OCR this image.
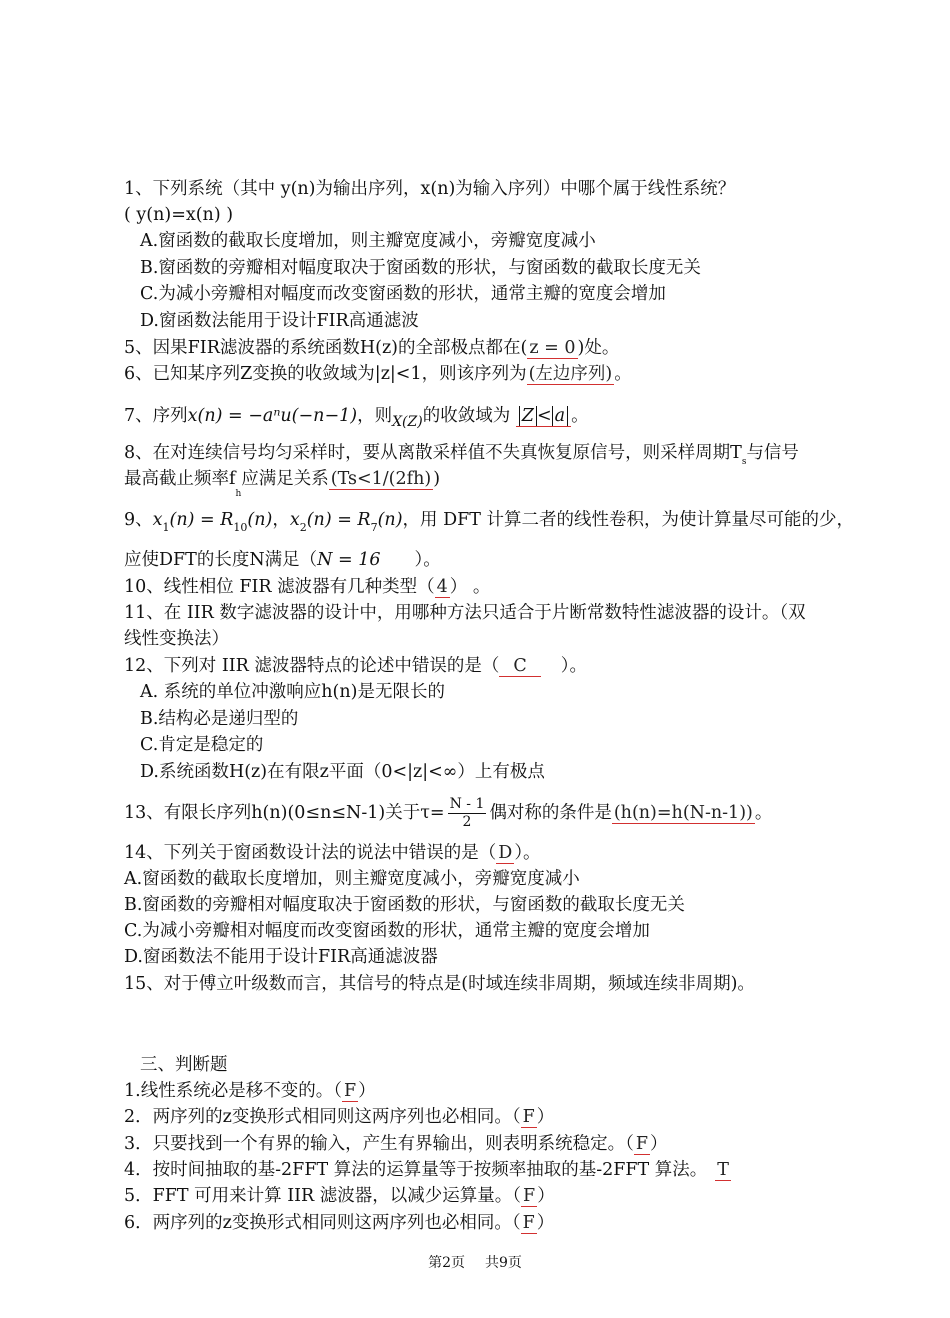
1、下列系统（其中 y(n)为输出序列，x(n)为输入序列）中哪个属于线性系统？
( y(n)=x(n) )
A.窗函数的截取长度增加，则主瓣宽度减小，旁瓣宽度减小
B.窗函数的旁瓣相对幅度取决于窗函数的形状，与窗函数的截取长度无关
C.为减小旁瓣相对幅度而改变窗函数的形状，通常主瓣的宽度会增加
D.窗函数法能用于设计FIR高通滤波
5、因果FIR滤波器的系统函数H(z)的全部极点都在( z = 0 )处。
6、已知某序列Z变换的收敛域为|z|<1，则该序列为 (左边序列) 。
7、序列x(n) = −aⁿu(−n−1)，则$_{X(Z)}$的收敛域为 Z < a 。
8、在对连续信号均匀采样时，要从离散采样值不失真恢复原信号，则采样周期$T_s$与信号
最高截止频率$f_h$应满足关系 (Ts<1/(2fh) )
9、$x_1(n) = R_{10}(n)$，$x_2(n) = R_7(n)$，用 DFT 计算二者的线性卷积，为使计算量尽可能的少，
应使DFT的长度N满足（N = 16 ）。
10、线性相位 FIR 滤波器有几种类型（ 4 ） 。
11、在 IIR 数字滤波器的设计中，用哪种方法只适合于片断常数特性滤波器的设计。（双
线性变换法）
12、下列对 IIR 滤波器特点的论述中错误的是（ C ）。
A. 系统的单位冲激响应h(n)是无限长的
B.结构必是递归型的
C.肯定是稳定的
D.系统函数H(z)在有限z平面（0<|z|<∞）上有极点
13、有限长序列h(n)(0≤n≤N-1)关于$\tau= \frac{N - 1}{2}$ 偶对称的条件是 (h(n)=h(N-n-1)) 。
14、下列关于窗函数设计法的说法中错误的是（ D ）。
A.窗函数的截取长度增加，则主瓣宽度减小，旁瓣宽度减小
B.窗函数的旁瓣相对幅度取决于窗函数的形状，与窗函数的截取长度无关
C.为减小旁瓣相对幅度而改变窗函数的形状，通常主瓣的宽度会增加
D.窗函数法不能用于设计FIR高通滤波器
15、对于傅立叶级数而言，其信号的特点是(时域连续非周期，频域连续非周期)。
三、判断题
1.线性系统必是移不变的。（ F ）
2．两序列的z变换形式相同则这两序列也必相同。（ F ）
3．只要找到一个有界的输入，产生有界输出，则表明系统稳定。（ F ）
4．按时间抽取的基-2FFT 算法的运算量等于按频率抽取的基-2FFT 算法。 T
5．FFT 可用来计算 IIR 滤波器，以减少运算量。（ F ）
6．两序列的z变换形式相同则这两序列也必相同。（ F ）
第2页 共9页
